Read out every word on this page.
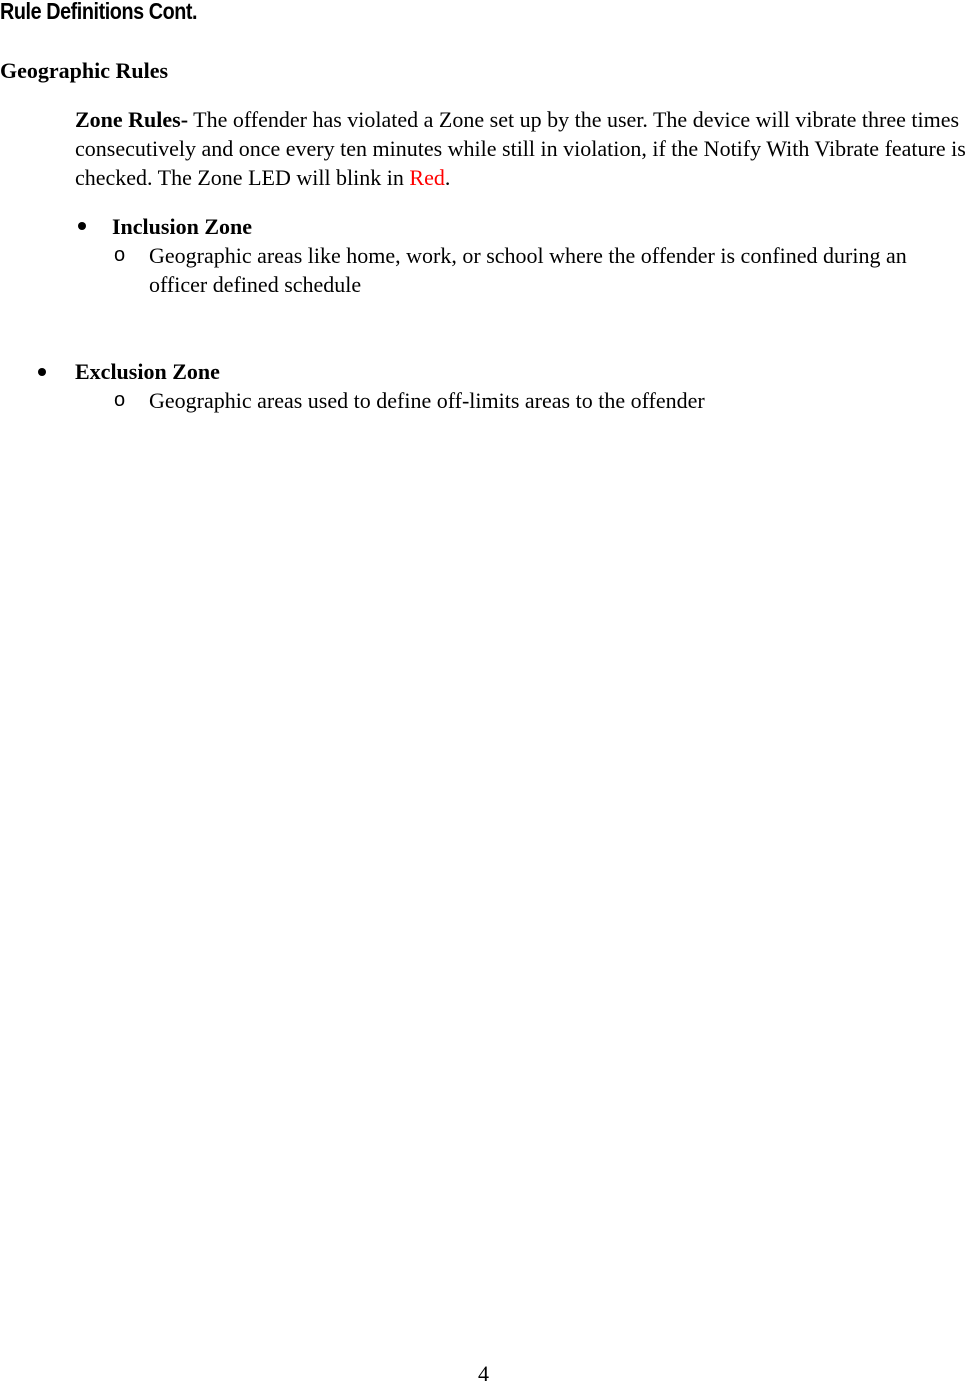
Rule Definitions Cont.
Geographic Rules

Zone Rules- The offender has violated a Zone set up by the user. The device will vibrate three times consecutively and once every ten minutes while still in violation, if the Notify With Vibrate feature is checked. The Zone LED will blink in Red.

Inclusion Zone
o Geographic areas like home, work, or school where the offender is confined during an officer defined schedule
Exclusion Zone
o Geographic areas used to define off-limits areas to the offender
4
